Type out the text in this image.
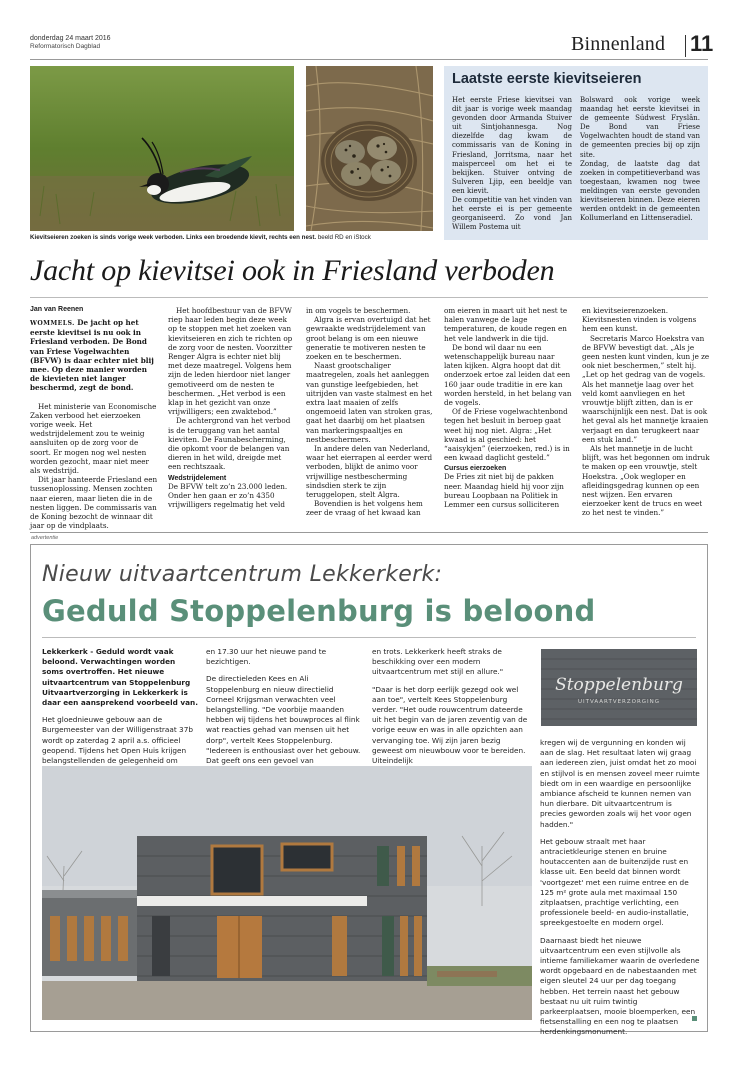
donderdag 24 maart 2016
Reformatorisch Dagblad	Binnenland 11
Kievitseieren zoeken is sinds vorige week verboden. Links een broedende kievit, rechts een nest. beeld RD en iStock
Laatste eerste kievitseieren
Het eerste Friese kievitsei van dit jaar is vorige week maandag gevonden door Armanda Stuiver uit Sintjohannesga. Nog diezelfde dag kwam de commissaris van de Koning in Friesland, Jorritsma, naar het maisperceel om het ei te bekijken. Stuiver ontving de Sulveren Ljip, een beeldje van een kievit.
De competitie van het vinden van het eerste ei is per gemeente georganiseerd. Zo vond Jan Willem Postema uit
Bolsward ook vorige week maandag het eerste kievitsei in de gemeente Súdwest Fryslân. De Bond van Friese Vogelwachten houdt de stand van de gemeenten precies bij op zijn site.
Zondag, de laatste dag dat zoeken in competitieverband was toegestaan, kwamen nog twee meldingen van eerste gevonden kievitseieren binnen. Deze eieren werden ontdekt in de gemeenten Kollumerland en Littenseradiel.
Jacht op kievitsei ook in Friesland verboden
Jan van Reenen

WOMMELS. De jacht op het eerste kievitsei is nu ook in Friesland verboden. De Bond van Friese Vogelwachten (BFVW) is daar echter niet blij mee. Op deze manier worden de kievieten niet langer beschermd, zegt de bond.

Het ministerie van Economische Zaken verbood het eierzoeken vorige week. Het wedstrijdelement zou te weinig aansluiten op de zorg voor de soort. Er mogen nog wel nesten worden gezocht, maar niet meer als wedstrijd.

Dit jaar hanteerde Friesland een tussenoplossing. Mensen zochten naar eieren, maar lieten die in de nesten liggen. De commissaris van de Koning bezocht de winnaar dit jaar op de vindplaats.

Het hoofdbestuur van de BFVW riep haar leden begin deze week op te stoppen met het zoeken van kievitseieren en zich te richten op de zorg voor de nesten. Voorzitter Renger Algra is echter niet blij met deze maatregel. Volgens hem zijn de leden hierdoor niet langer gemotiveerd om de nesten te beschermen. „Het verbod is een klap in het gezicht van onze vrijwilligers; een zwaktebod.”

De achtergrond van het verbod is de teruggang van het aantal kieviten. De Faunabescherming, die opkomt voor de belangen van dieren in het wild, dreigde met een rechtszaak.

Wedstrijdelement

De BFVW telt zo’n 23.000 leden. Onder hen gaan er zo’n 4350 vrijwilligers regelmatig het veld

in om vogels te beschermen.

Algra is ervan overtuigd dat het gewraakte wedstrijdelement van groot belang is om een nieuwe generatie te motiveren nesten te zoeken en te beschermen.

Naast grootschaliger maatregelen, zoals het aanleggen van gunstige leefgebieden, het uitrijden van vaste stalmest en het extra laat maaien of zelfs ongemoeid laten van stroken gras, gaat het daarbij om het plaatsen van markeringspaaltjes en nestbeschermers.

In andere delen van Nederland, waar het eierrapen al eerder werd verboden, blijkt de animo voor vrijwillige nestbescherming sindsdien sterk te zijn teruggelopen, stelt Algra.

Bovendien is het volgens hem zeer de vraag of het kwaad kan

om eieren in maart uit het nest te halen vanwege de lage temperaturen, de koude regen en het vele landwerk in die tijd.

De bond wil daar nu een wetenschappelijk bureau naar laten kijken. Algra hoopt dat dit onderzoek ertoe zal leiden dat een 160 jaar oude traditie in ere kan worden hersteld, in het belang van de vogels.

Of de Friese vogelwachtenbond tegen het besluit in beroep gaat weet hij nog niet. Algra: „Het kwaad is al geschied: het “aaisykjen” (eierzoeken, red.) is in een kwaad daglicht gesteld.”

Cursus eierzoeken

De Fries zit niet bij de pakken neer. Maandag hield hij voor zijn bureau Loopbaan na Politiek in Lemmer een cursus solliciteren

en kievitseierenzoeken. Kievitsnesten vinden is volgens hem een kunst.

Secretaris Marco Hoekstra van de BFVW bevestigt dat. „Als je geen nesten kunt vinden, kun je ze ook niet beschermen,” stelt hij. „Let op het gedrag van de vogels. Als het mannetje laag over het veld komt aanvliegen en het vrouwtje blijft zitten, dan is er waarschijnlijk een nest. Dat is ook het geval als het mannetje kraaien verjaagt en dan terugkeert naar een stuk land.”

Als het mannetje in de lucht blijft, was het begonnen om indruk te maken op een vrouwtje, stelt Hoekstra. „Ook wegloper en afleidingsgedrag kunnen op een nest wijzen. Een ervaren eierzoeker kent de trucs en weet zo het nest te vinden.”

advertentie
Nieuw uitvaartcentrum Lekkerkerk:
Geduld Stoppelenburg is beloond

Lekkerkerk - Geduld wordt vaak beloond. Verwachtingen worden soms overtroffen. Het nieuwe uitvaartcentrum van Stoppelenburg Uitvaartverzorging in Lekkerkerk is daar een aansprekend voorbeeld van.

Het gloednieuwe gebouw aan de Burgemeester van der Willigenstraat 37b wordt op zaterdag 2 april a.s. officieel geopend. Tijdens het Open Huis krijgen belangstellenden de gelegenheid om

en 17.30 uur het nieuwe pand te bezichtigen.

De directieleden Kees en Ali Stoppelenburg en nieuw directielid Corneel Krijgsman verwachten veel belangstelling. "De voorbije maanden hebben wij tijdens het bouwproces al flink wat reacties gehad van mensen uit het dorp", vertelt Kees Stoppelenburg. "Iedereen is enthousiast over het gebouw. Dat geeft ons een gevoel van

en trots. Lekkerkerk heeft straks de beschikking over een modern uitvaartcentrum met stijl en allure."

"Daar is het dorp eerlijk gezegd ook wel aan toe", vertelt Kees Stoppelenburg verder. "Het oude rouwcentrum dateerde uit het begin van de jaren zeventig van de vorige eeuw en was in alle opzichten aan vervanging toe. Wij zijn jaren bezig geweest om nieuwbouw voor te bereiden. Uiteindelijk

Stoppelenburg
UITVAARTVERZORGING

kregen wij de vergunning en konden wij aan de slag. Het resultaat laten wij graag aan iedereen zien, juist omdat het zo mooi en stijlvol is en mensen zoveel meer ruimte biedt om in een waardige en persoonlijke ambiance afscheid te kunnen nemen van hun dierbare. Dit uitvaartcentrum is precies geworden zoals wij het voor ogen hadden."

Het gebouw straalt met haar antracietkleurige stenen en bruine houtaccenten aan de buitenzijde rust en klasse uit. Een beeld dat binnen wordt 'voortgezet' met een ruime entree en de 125 m² grote aula met maximaal 150 zitplaatsen, prachtige verlichting, een professionele beeld- en audio-installatie, spreekgestoelte en modern orgel.

Daarnaast biedt het nieuwe uitvaartcentrum een even stijlvolle als intieme familiekamer waarin de overledene wordt opgebaard en de nabestaanden met eigen sleutel 24 uur per dag toegang hebben. Het terrein naast het gebouw bestaat nu uit ruim twintig parkeerplaatsen, mooie bloemperken, een fietsenstalling en een nog te plaatsen herdenkingsmonument.
